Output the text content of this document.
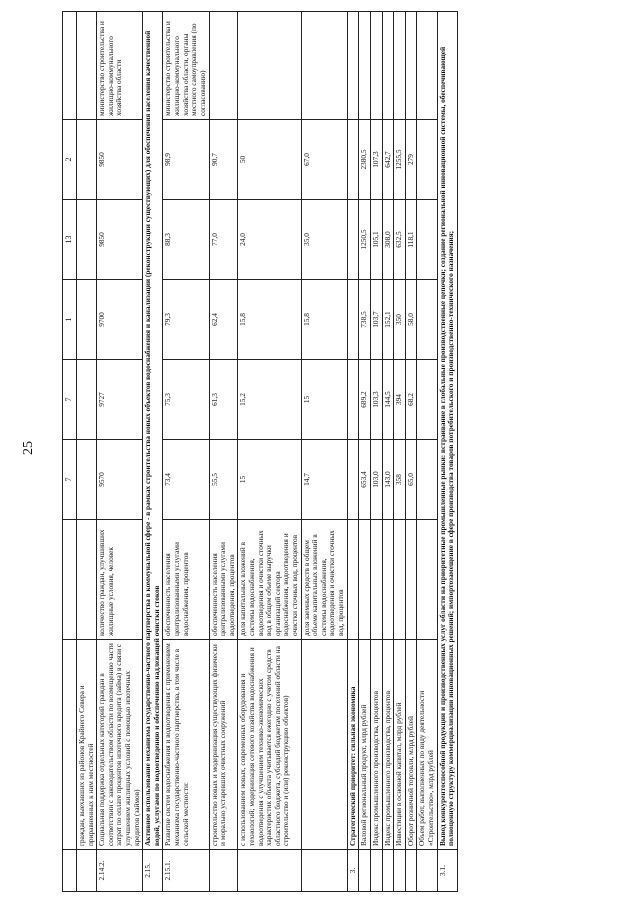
25
			7	7	1	13	2	
	граждан, выехавших из районов Крайнего Севера и приравненных к ним местностей							
2.14.2.	Социальная поддержка отдельных категорий граждан в соответствии с законодательством области по возмещению части затрат по оплате процентов ипотечного кредита (займа) в связи с улучшением жилищных условий с помощью ипотечных кредитов (займов)	количество граждан, улучшивших жилищные условия, человек	9570	9727	9700	9850	9850	министерство строительства и жилищно-коммунального хозяйства области
2.15.	Активное использование механизма государственно-частного партнерства в коммунальной сфере - в рамках строительства новых объектов водоснабжения и канализации (реконструкции существующих) для обеспечения населения качественной водой, услугами по водоотведению и обеспечению надлежащей очистки стоков							
2.15.1.	Развитие систем водоснабжения и водоотведения с применением механизма государственно-частного партнерства, в том числе в сельской местности:	обеспеченность населения централизованными услугами водоснабжения, процентов	73,4	75,3	79,3	88,3	98,9	министерство строительства и жилищно-коммунального хозяйства области, органы местного самоуправления (по согласованию)
	строительство новых и модернизация существующих физически и морально устаревших очистных сооружений	обеспеченность населения централизованными услугами водоотведения, процентов	55,5	61,3	62,4	77,0	90,7	
	с использованием новых, современных оборудования и технологий; модернизация сетевого хозяйства водоснабжения и водоотведения с улучшением технико-экономических характеристик объекта учитывается ежегодно с учетом средств областного бюджета, субсидий бюджетам поселений области на строительство и (или) реконструкцию объектов)	доля капитальных вложений в системы водоснабжения, водоотведения и очистки сточных вод в общем объеме выручки организаций сектора водоснабжения, водоотведения и очистки сточных вод, процентов	15	15,2	15,8	24,0	50	
		доля заемных средств в общем объеме капитальных вложений в системы водоснабжения, водоотведения и очистки сточных вод, процентов	14,7	15	15,8	35,0	67,0	
3.	Стратегический приоритет: сильная экономика							
	Валовой региональный продукт, млрд рублей		653,4	689,2	738,5	1250,5	2380,5	
	Индекс промышленного производства, процентов		103,0	103,3	103,7	105,1	107,3	
	Индекс промышленного производства, процентов		143,0	144,5	152,1	308,0	642,7	
	Инвестиции в основной капитал, млрд рублей		358	394	350	632,5	1255,5	
	Оборот розничной торговли, млрд рублей		65,0	68,2	58,0	118,1	279	
	Объем работ, выполненных по виду деятельности «Строительство», млрд рублей							
3.1.	Вывод конкурентоспособной продукции и производственных услуг области на приоритетные промышленные рынки: встраивание в глобальные производственные цепочки; создание региональной инновационной системы, обеспечивающей полноценную структуру коммерциализации инновационных решений; импортозамещение в сфере производства товаров потребительского и производственно-технического назначения;							
